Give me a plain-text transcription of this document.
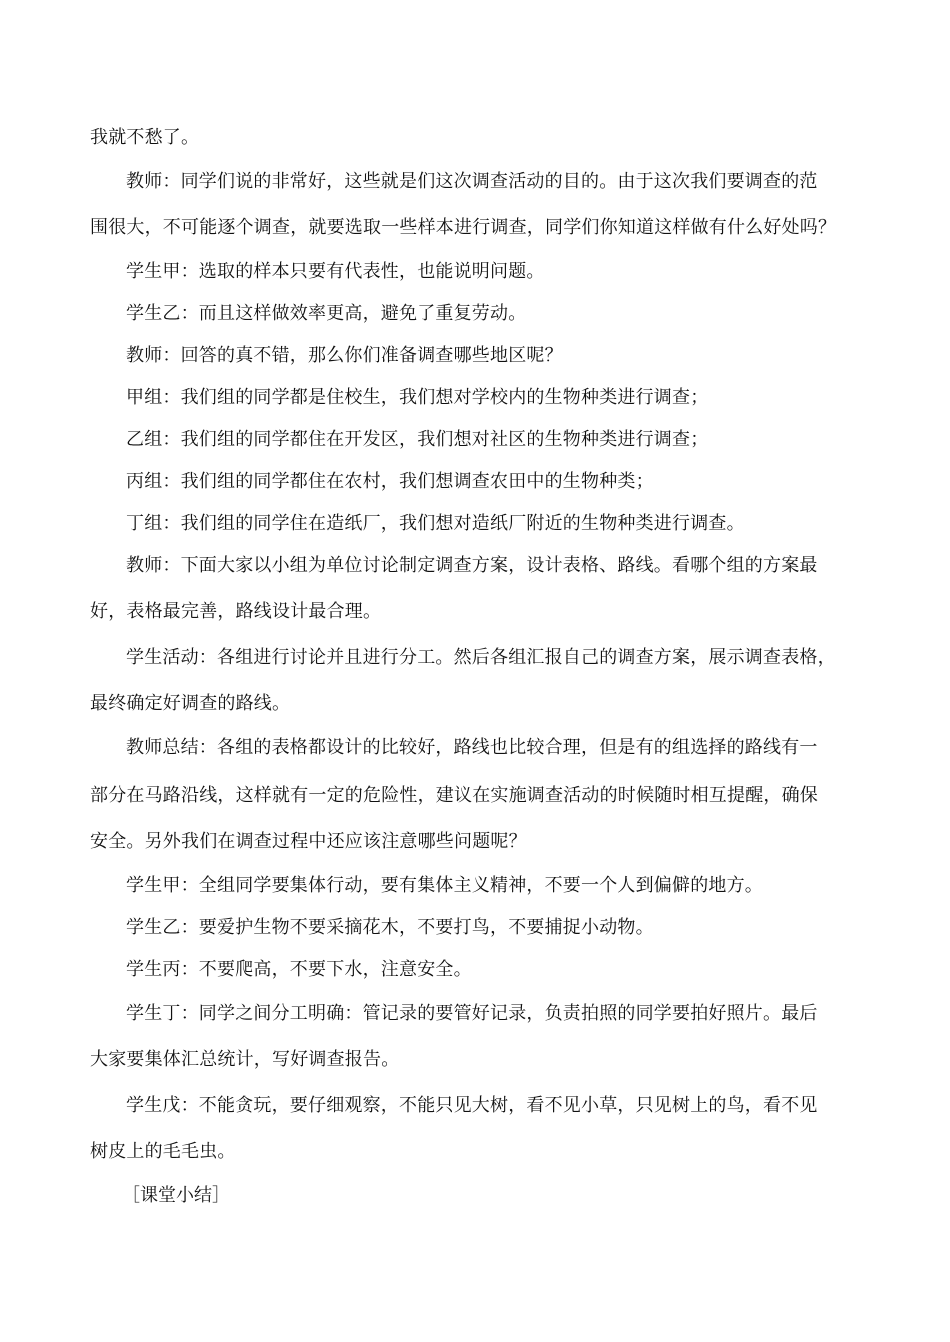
我就不愁了。
教师：同学们说的非常好，这些就是们这次调查活动的目的。由于这次我们要调查的范
围很大，不可能逐个调查，就要选取一些样本进行调查，同学们你知道这样做有什么好处吗？
学生甲：选取的样本只要有代表性，也能说明问题。
学生乙：而且这样做效率更高，避免了重复劳动。
教师：回答的真不错，那么你们准备调查哪些地区呢？
甲组：我们组的同学都是住校生，我们想对学校内的生物种类进行调查；
乙组：我们组的同学都住在开发区，我们想对社区的生物种类进行调查；
丙组：我们组的同学都住在农村，我们想调查农田中的生物种类；
丁组：我们组的同学住在造纸厂，我们想对造纸厂附近的生物种类进行调查。
教师：下面大家以小组为单位讨论制定调查方案，设计表格、路线。看哪个组的方案最
好，表格最完善，路线设计最合理。
学生活动：各组进行讨论并且进行分工。然后各组汇报自己的调查方案，展示调查表格，
最终确定好调查的路线。
教师总结：各组的表格都设计的比较好，路线也比较合理，但是有的组选择的路线有一
部分在马路沿线，这样就有一定的危险性，建议在实施调查活动的时候随时相互提醒，确保
安全。另外我们在调查过程中还应该注意哪些问题呢？
学生甲：全组同学要集体行动，要有集体主义精神，不要一个人到偏僻的地方。
学生乙：要爱护生物不要采摘花木，不要打鸟，不要捕捉小动物。
学生丙：不要爬高，不要下水，注意安全。
学生丁：同学之间分工明确：管记录的要管好记录，负责拍照的同学要拍好照片。最后
大家要集体汇总统计，写好调查报告。
学生戊：不能贪玩，要仔细观察，不能只见大树，看不见小草，只见树上的鸟，看不见
树皮上的毛毛虫。
［课堂小结］
